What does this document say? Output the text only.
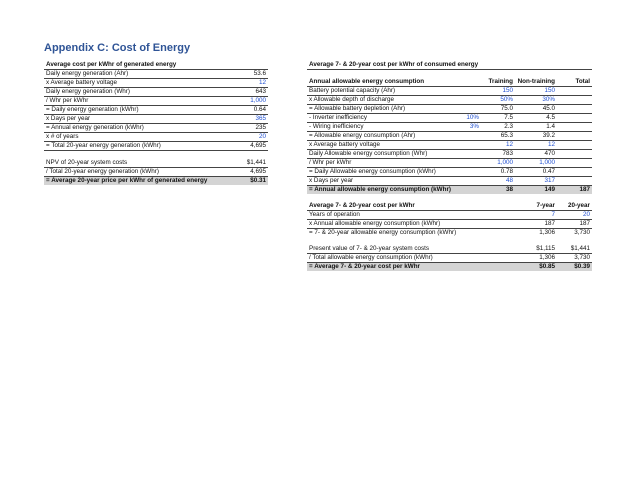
Appendix C: Cost of Energy
Average cost per kWhr of generated energy	
Daily energy generation (Ahr)	53.6
x Average battery voltage	12
Daily energy generation (Whr)	643
/ Whr per kWhr	1,000
= Daily energy generation (kWhr)	0.64
x Days per year	365
= Annual energy generation (kWhr)	235
x # of years	20
= Total 20-year energy generation (kWhr)	4,695

NPV of 20-year system costs	$1,441
/ Total 20-year energy generation (kWhr)	4,695
= Average 20-year price per kWhr of generated energy	$0.31
Average 7- & 20-year cost per kWhr of consumed energy				

Annual allowable energy consumption		Training	Non-training	Total
Battery potential capacity (Ahr)		150	150	
x Allowable depth of discharge		50%	30%	
= Allowable battery depletion (Ahr)		75.0	45.0	
- Inverter inefficiency	10%	7.5	4.5	
- Wiring inefficiency	3%	2.3	1.4	
= Allowable energy consumption (Ahr)		65.3	39.2	
x Average battery voltage		12	12	
Daily Allowable energy consumption (Whr)		783	470	
/ Whr per kWhr		1,000	1,000	
= Daily Allowable energy consumption (kWhr)		0.78	0.47	
x Days per year		48	317	
= Annual allowable energy consumption (kWhr)		38	149	187

Average 7- & 20-year cost per kWhr			7-year	20-year
Years of operation			7	20
x Annual allowable energy consumption (kWhr)			187	187
= 7- & 20-year allowable energy consumption (kWhr)			1,306	3,730

Present value of 7- & 20-year system costs			$1,115	$1,441
/ Total allowable energy consumption (kWhr)			1,306	3,730
= Average 7- & 20-year cost per kWhr			$0.85	$0.39
